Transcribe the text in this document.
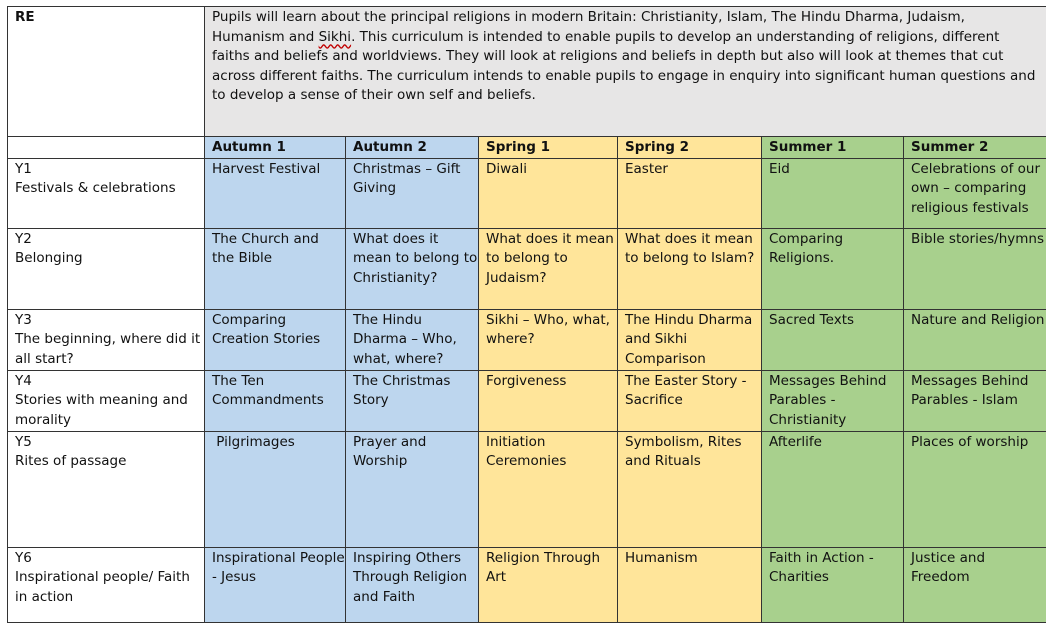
RE	Pupils will learn about the principal religions in modern Britain: Christianity, Islam, The Hindu Dharma, Judaism, Humanism and Sikhi. This curriculum is intended to enable pupils to develop an understanding of religions, different faiths and beliefs and worldviews. They will look at religions and beliefs in depth but also will look at themes that cut across different faiths. The curriculum intends to enable pupils to engage in enquiry into significant human questions and to develop a sense of their own self and beliefs.					
	Autumn 1	Autumn 2	Spring 1	Spring 2	Summer 1	Summer 2

Y1
Festivals & celebrations	Harvest Festival	Christmas – Gift Giving	Diwali	Easter	Eid	Celebrations of our own – comparing religious festivals

Y2
Belonging	The Church and the Bible	What does it mean to belong to Christianity?	What does it mean to belong to Judaism?	What does it mean to belong to Islam?	Comparing Religions.	Bible stories/hymns

Y3
The beginning, where did it all start?	Comparing Creation Stories	The Hindu Dharma – Who, what, where?	Sikhi – Who, what, where?	The Hindu Dharma and Sikhi Comparison	Sacred Texts	Nature and Religion

Y4
Stories with meaning and morality	The Ten Commandments	The Christmas Story	Forgiveness	The Easter Story - Sacrifice	Messages Behind Parables - Christianity	Messages Behind Parables - Islam

Y5
Rites of passage	Pilgrimages	Prayer and Worship	Initiation Ceremonies	Symbolism, Rites and Rituals	Afterlife	Places of worship

Y6
Inspirational people/ Faith in action	Inspirational People - Jesus	Inspiring Others Through Religion and Faith	Religion Through Art	Humanism	Faith in Action - Charities	Justice and Freedom
